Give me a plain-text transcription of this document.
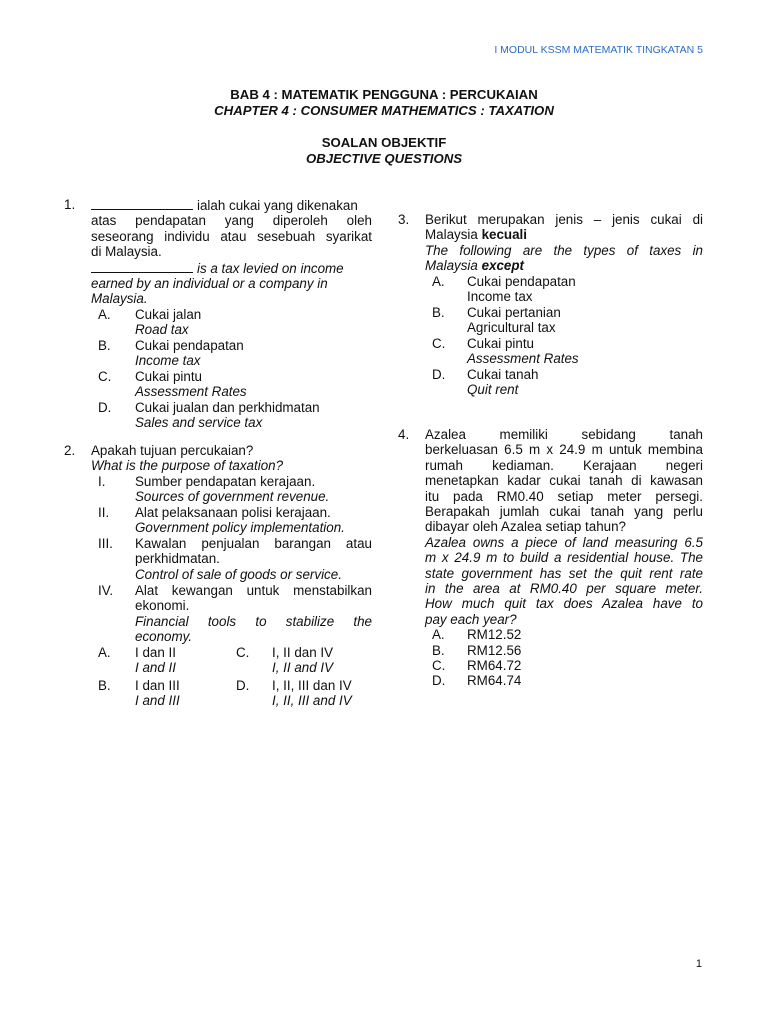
I MODUL KSSM MATEMATIK TINGKATAN 5
BAB 4 : MATEMATIK PENGGUNA : PERCUKAIAN
CHAPTER 4 : CONSUMER MATHEMATICS : TAXATION
SOALAN OBJEKTIF
OBJECTIVE QUESTIONS
1.	ialah cukai yang dikenakan
atas pendapatan yang diperoleh oleh
seseorang individu atau sesebuah syarikat
di Malaysia.
is a tax levied on income
earned by an individual or a company in
Malaysia.
A. Cukai jalan
Road tax
B. Cukai pendapatan
Income tax
C. Cukai pintu
Assessment Rates
D. Cukai jualan dan perkhidmatan
Sales and service tax
2. Apakah tujuan percukaian?
What is the purpose of taxation?
I. Sumber pendapatan kerajaan.
Sources of government revenue.
II. Alat pelaksanaan polisi kerajaan.
Government policy implementation.
III. Kawalan penjualan barangan atau
perkhidmatan.
Control of sale of goods or service.
IV. Alat kewangan untuk menstabilkan
ekonomi.
Financial tools to stabilize the
economy.
A. I dan II
I and II
C. I, II dan IV
I, II and IV
B. I dan III
I and III
D. I, II, III dan IV
I, II, III and IV
3. Berikut merupakan jenis – jenis cukai di
Malaysia kecuali
The following are the types of taxes in
Malaysia except
A. Cukai pendapatan
Income tax
B. Cukai pertanian
Agricultural tax
C. Cukai pintu
Assessment Rates
D. Cukai tanah
Quit rent
4. Azalea memiliki sebidang tanah
berkeluasan 6.5 m x 24.9 m untuk membina
rumah kediaman. Kerajaan negeri
menetapkan kadar cukai tanah di kawasan
itu pada RM0.40 setiap meter persegi.
Berapakah jumlah cukai tanah yang perlu
dibayar oleh Azalea setiap tahun?
Azalea owns a piece of land measuring 6.5
m x 24.9 m to build a residential house. The
state government has set the quit rent rate
in the area at RM0.40 per square meter.
How much quit tax does Azalea have to
pay each year?
A. RM12.52
B. RM12.56
C. RM64.72
D. RM64.74
1
